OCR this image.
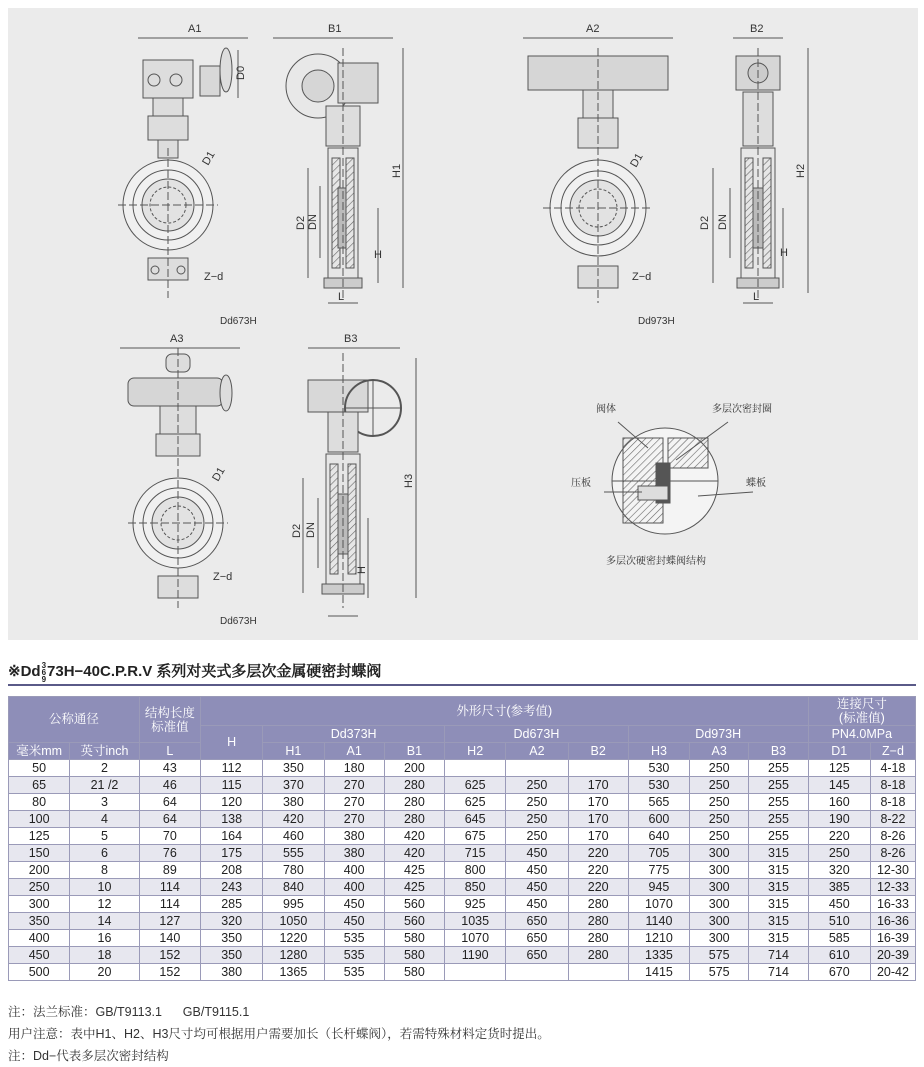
A1	B1
D0
D1
H1
D2 DN
H
Z−d
L
Dd673H
A2	B2
D1
H2
D2 DN
H
Z−d
L
Dd973H
A3	B3
D1	H3
D2 DN
H
Z−d
Dd673H
阀体	多层次密封圈
压板	蝶板
多层次硬密封蝶阀结构
※Dd3
6
973H−40C.P.R.V 系列对夹式多层次金属硬密封蝶阀
公称通径		结构长度
标准值	外形尺寸(参考值)										连接尺寸
(标准值)	
			H	Dd373H			Dd673H			Dd973H			PN4.0MPa	
毫米mm	英寸inch	L		H1	A1	B1	H2	A2	B2	H3	A3	B3	D1	Z−d
50	2	43	112	350	180	200				530	250	255	125	4-18
65	21 /2	46	115	370	270	280	625	250	170	530	250	255	145	8-18
80	3	64	120	380	270	280	625	250	170	565	250	255	160	8-18
100	4	64	138	420	270	280	645	250	170	600	250	255	190	8-22
125	5	70	164	460	380	420	675	250	170	640	250	255	220	8-26
150	6	76	175	555	380	420	715	450	220	705	300	315	250	8-26
200	8	89	208	780	400	425	800	450	220	775	300	315	320	12-30
250	10	114	243	840	400	425	850	450	220	945	300	315	385	12-33
300	12	114	285	995	450	560	925	450	280	1070	300	315	450	16-33
350	14	127	320	1050	450	560	1035	650	280	1140	300	315	510	16-36
400	16	140	350	1220	535	580	1070	650	280	1210	300	315	585	16-39
450	18	152	350	1280	535	580	1190	650	280	1335	575	714	610	20-39
500	20	152	380	1365	535	580				1415	575	714	670	20-42
注：法兰标准：GB/T9113.1      GB/T9115.1
用户注意：表中H1、H2、H3尺寸均可根据用户需要加长（长杆蝶阀），若需特殊材料定货时提出。
注：Dd−代表多层次密封结构
